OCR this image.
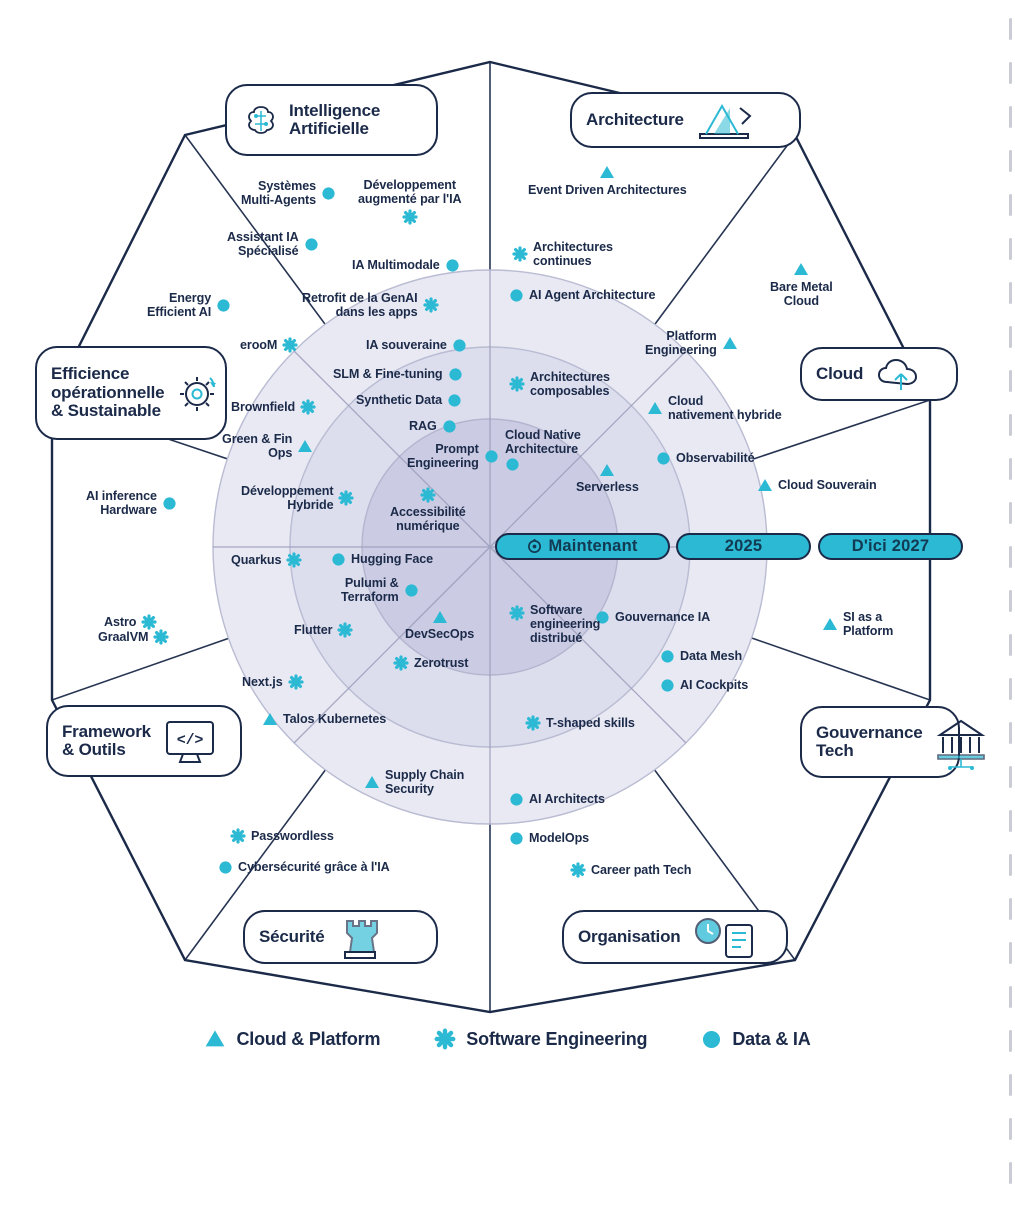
Intelligence
Artificielle	Architecture
Cloud
Gouvernance
Tech
Organisation
Sécurité
Framework
& Outils	</>
Efficience
opérationnelle
& Sustainable
Maintenant	2025	D'ici 2027
Systèmes
Multi-Agents
Développement
augmenté par l'IA
Assistant IA
Spécialisé
IA Multimodale
Energy
Efficient AI
Retrofit de la GenAI
dans les apps
erooM	IA souveraine
SLM & Fine-tuning
Brownfield	Synthetic Data
RAG
Green & Fin
Ops	Prompt
Engineering
AI inference
Hardware
Développement
Hybride	Accessibilité
numérique
Quarkus	Hugging Face
Pulumi &
Terraform
Astro
Flutter	DevSecOps
GraalVM
Zerotrust
Next.js
Talos Kubernetes
Supply Chain
Security
Passwordless
Cybersécurité grâce à l'IA
Event Driven Architectures
Architectures
continues
AI Agent Architecture
Bare Metal
Cloud
Platform
Engineering
Architectures
composables
Cloud
nativement hybride
Cloud Native
Architecture
Observabilité
Serverless	Cloud Souverain
Gouvernance IA
Software
engineering
distribué
Data Mesh
AI Cockpits
SI as a
Platform
T-shaped skills
AI Architects
ModelOps
Career path Tech
Cloud & Platform	Software Engineering	Data & IA
